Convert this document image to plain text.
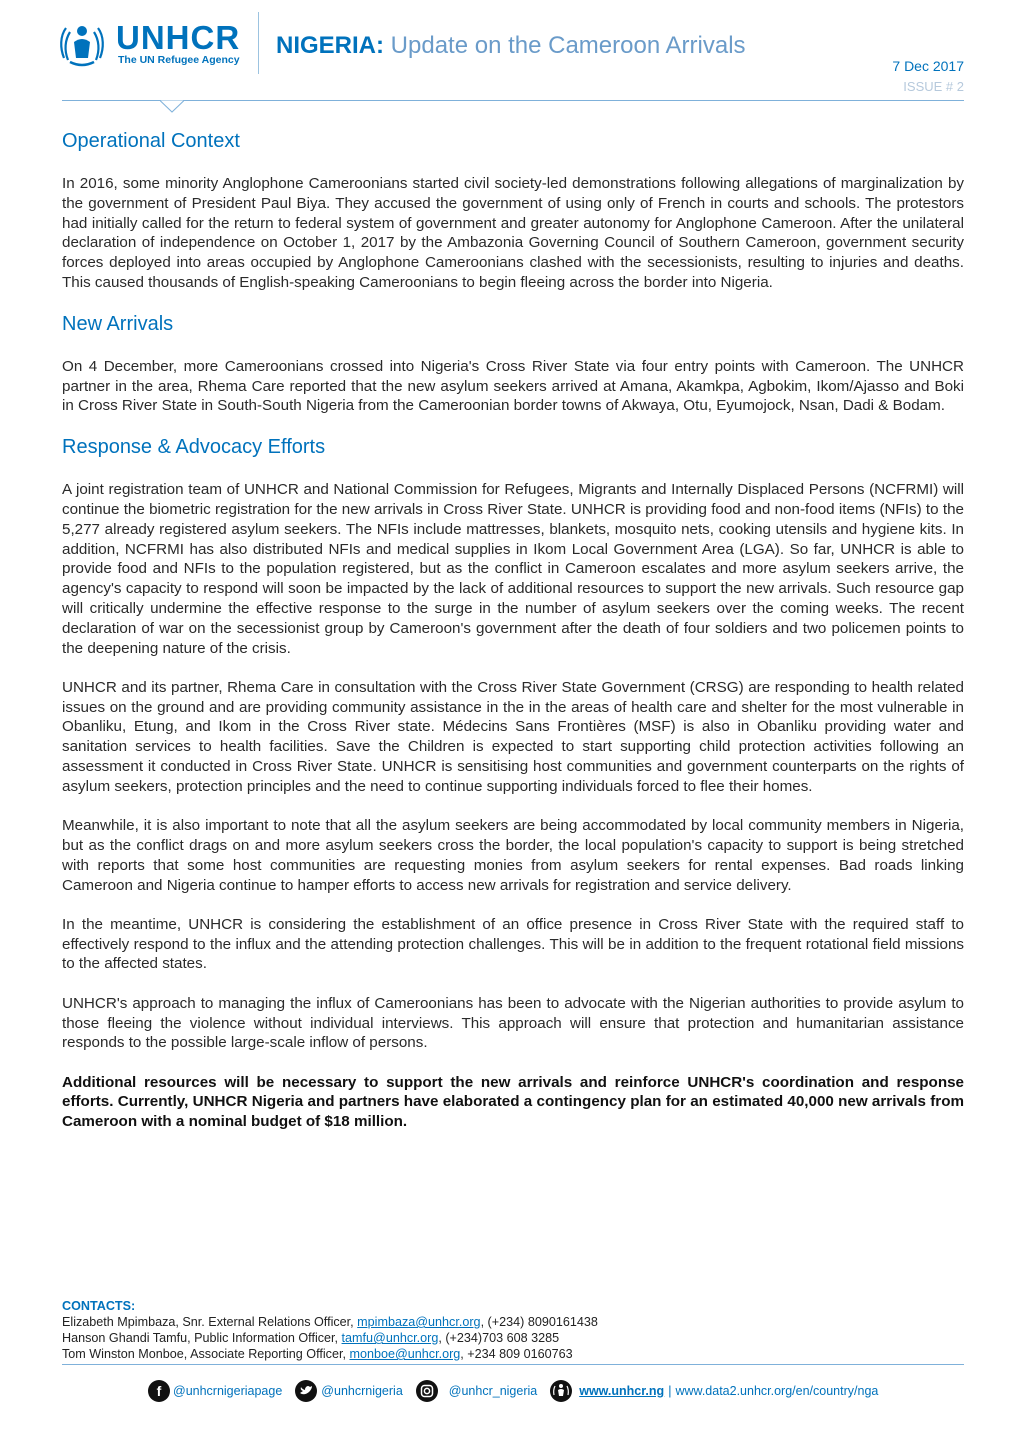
UNHCR
The UN Refugee Agency
NIGERIA: Update on the Cameroon Arrivals
7 Dec 2017
ISSUE # 2
Operational Context

In 2016, some minority Anglophone Cameroonians started civil society-led demonstrations following allegations of marginalization by the government of President Paul Biya. They accused the government of using only of French in courts and schools. The protestors had initially called for the return to federal system of government and greater autonomy for Anglophone Cameroon. After the unilateral declaration of independence on October 1, 2017 by the Ambazonia Governing Council of Southern Cameroon, government security forces deployed into areas occupied by Anglophone Cameroonians clashed with the secessionists, resulting to injuries and deaths. This caused thousands of English-speaking Cameroonians to begin fleeing across the border into Nigeria.

New Arrivals

On 4 December, more Cameroonians crossed into Nigeria's Cross River State via four entry points with Cameroon. The UNHCR partner in the area, Rhema Care reported that the new asylum seekers arrived at Amana, Akamkpa, Agbokim, Ikom/Ajasso and Boki in Cross River State in South-South Nigeria from the Cameroonian border towns of Akwaya, Otu, Eyumojock, Nsan, Dadi & Bodam.

Response & Advocacy Efforts

A joint registration team of UNHCR and National Commission for Refugees, Migrants and Internally Displaced Persons (NCFRMI) will continue the biometric registration for the new arrivals in Cross River State. UNHCR is providing food and non-food items (NFIs) to the 5,277 already registered asylum seekers. The NFIs include mattresses, blankets, mosquito nets, cooking utensils and hygiene kits. In addition, NCFRMI has also distributed NFIs and medical supplies in Ikom Local Government Area (LGA). So far, UNHCR is able to provide food and NFIs to the population registered, but as the conflict in Cameroon escalates and more asylum seekers arrive, the agency's capacity to respond will soon be impacted by the lack of additional resources to support the new arrivals. Such resource gap will critically undermine the effective response to the surge in the number of asylum seekers over the coming weeks. The recent declaration of war on the secessionist group by Cameroon's government after the death of four soldiers and two policemen points to the deepening nature of the crisis.

UNHCR and its partner, Rhema Care in consultation with the Cross River State Government (CRSG) are responding to health related issues on the ground and are providing community assistance in the in the areas of health care and shelter for the most vulnerable in Obanliku, Etung, and Ikom in the Cross River state. Médecins Sans Frontières (MSF) is also in Obanliku providing water and sanitation services to health facilities. Save the Children is expected to start supporting child protection activities following an assessment it conducted in Cross River State. UNHCR is sensitising host communities and government counterparts on the rights of asylum seekers, protection principles and the need to continue supporting individuals forced to flee their homes.

Meanwhile, it is also important to note that all the asylum seekers are being accommodated by local community members in Nigeria, but as the conflict drags on and more asylum seekers cross the border, the local population's capacity to support is being stretched with reports that some host communities are requesting monies from asylum seekers for rental expenses. Bad roads linking Cameroon and Nigeria continue to hamper efforts to access new arrivals for registration and service delivery.

In the meantime, UNHCR is considering the establishment of an office presence in Cross River State with the required staff to effectively respond to the influx and the attending protection challenges. This will be in addition to the frequent rotational field missions to the affected states.

UNHCR's approach to managing the influx of Cameroonians has been to advocate with the Nigerian authorities to provide asylum to those fleeing the violence without individual interviews. This approach will ensure that protection and humanitarian assistance responds to the possible large-scale inflow of persons.

Additional resources will be necessary to support the new arrivals and reinforce UNHCR's coordination and response efforts. Currently, UNHCR Nigeria and partners have elaborated a contingency plan for an estimated 40,000 new arrivals from Cameroon with a nominal budget of $18 million.

CONTACTS:
Elizabeth Mpimbaza, Snr. External Relations Officer, mpimbaza@unhcr.org, (+234) 8090161438
Hanson Ghandi Tamfu, Public Information Officer, tamfu@unhcr.org, (+234)703 608 3285
Tom Winston Monboe, Associate Reporting Officer, monboe@unhcr.org, +234 809 0160763
f @unhcrnigeriapage	@unhcrnigeria	@unhcr_nigeria	www.unhcr.ng | www.data2.unhcr.org/en/country/nga
